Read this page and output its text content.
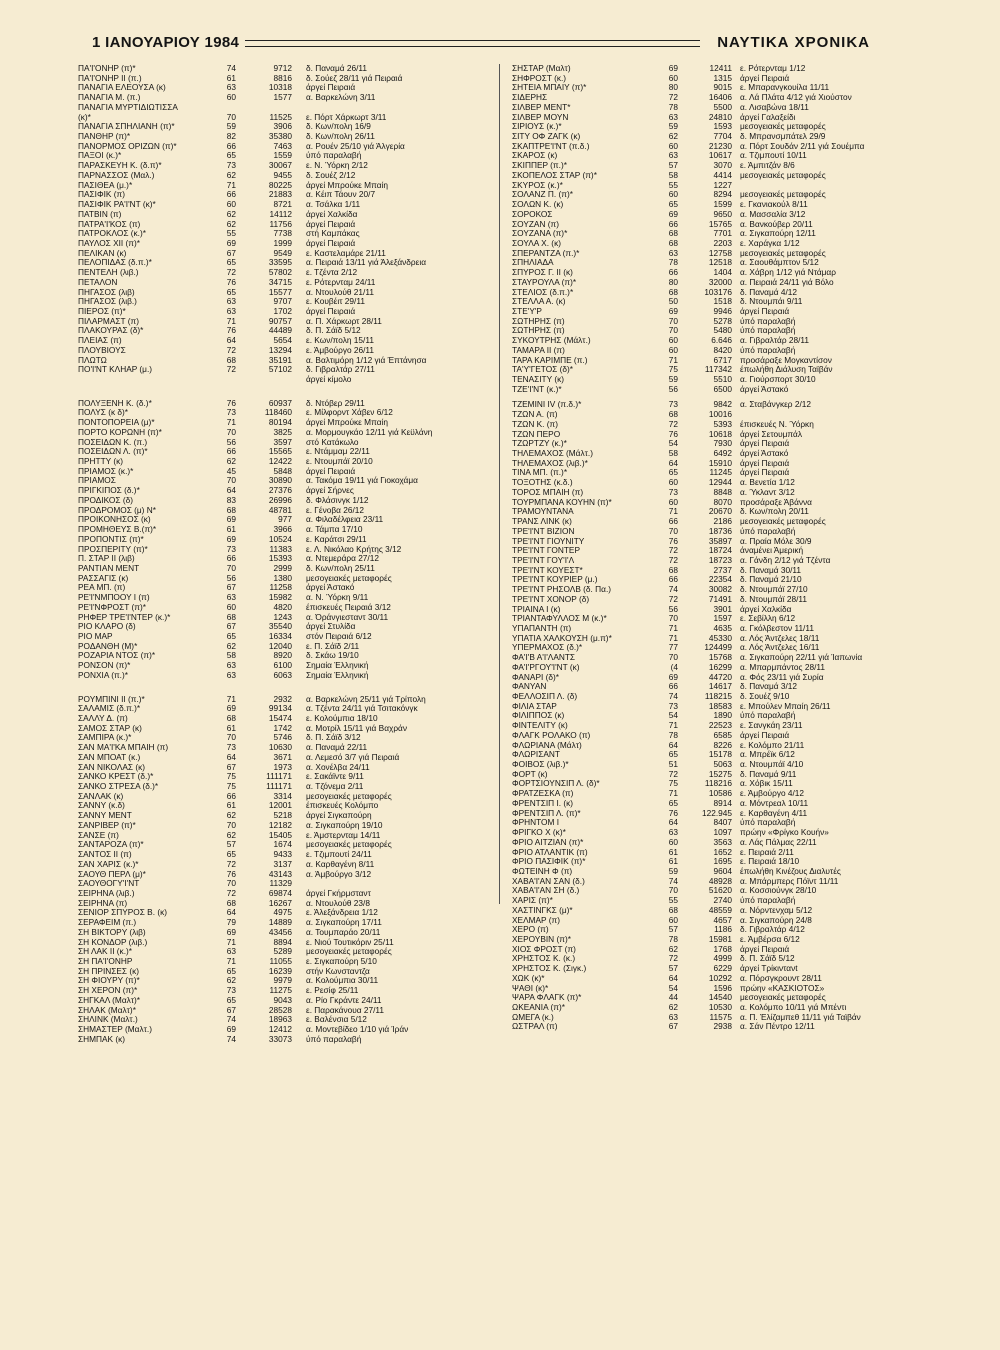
1 ΙΑΝΟΥΑΡΙΟΥ 1984	ΝΑΥΤΙΚΑ ΧΡΟΝΙΚΑ
ΠΑ'Ι'ΟΝΗΡ (π)*	74	9712 δ. Παναμά 26/11
ΠΑ'Ι'ΟΝΗΡ II (π.)	61	8816 δ. Σούεζ 28/11 γιά Πειραιά
ΠΑΝΑΓΙΑ ΕΛΕΟΥΣΑ (κ)	63	10318 άργεί Πειραιά
ΠΑΝΑΓΙΑ Μ. (π.)	60	1577 α. Βαρκελώνη 3/11
ΠΑΝΑΓΙΑ ΜΥΡΤΙΔΙΩΤΙΣΣΑ
(κ)*	70	11525 ε. Πόρτ Χάρκωρτ 3/11
ΠΑΝΑΓΙΑ ΣΠΗΛΙΑΝΗ (π)*	59	3906 δ. Κων/πολη 16/9
ΠΑΝΘΗΡ (π)*	82	35380 δ. Κων/πολη 26/11
ΠΑΝΟΡΜΟΣ ΟΡΙΖΩΝ (π)*	66	7463 α. Ρουέν 25/10 γιά Άλγερία
ΠΑΞΟΙ (κ.)*	65	1559 ύπό παραλαβή
ΠΑΡΑΣΚΕΥΗ Κ. (δ.π)*	73	30067 ε. Ν. Ύόρκη 2/12
ΠΑΡΝΑΣΣΟΣ (Μαλ.)	62	9455 δ. Σουέζ 2/12
ΠΑΣΙΘΕΑ (μ.)*	71	80225 άργεί Μπρούκε Μπαίη
ΠΑΣΙΦΙΚ (π)	66	21883 α. Κέιπ Τάουν 20/7
ΠΑΣΙΦΙΚ ΡΑ'Ι'ΝΤ (κ)*	60	8721 α. Τσάλκα 1/11
ΠΑΤΒΙΝ (π)	62	14112 άργεί Χαλκίδα
ΠΑΤΡΑ'Ι'ΚΟΣ (π)	62	11756 άργεί Πειραιά
ΠΑΤΡΟΚΛΟΣ (κ.)*	55	7738 στή Καμπάκας
ΠΑΥΛΟΣ XII (π)*	69	1999 άργεί Πειραιά
ΠΕΛΙΚΑΝ (κ)	67	9549 ε. Καστελαμάρε 21/11
ΠΕΛΟΠΙΔΑΣ (δ.π.)*	65	33595 α. Πειραιά 13/11 γιά Άλεξάνδρεια
ΠΕΝΤΕΛΗ (λιβ.)	72	57802 ε. Τζέντα 2/12
ΠΕΤΑΛΟΝ	76	34715 ε. Ρότερνταμ 24/11
ΠΗΓΑΣΟΣ (λιβ)	65	15577 α. Ντουλούθ 21/11
ΠΗΓΑΣΟΣ (λιβ.)	63	9707 ε. Κουβέιτ 29/11
ΠΙΕΡΟΣ (π)*	63	1702 άργεί Πειραιά
ΠΙΛΑΡΜΑΣΤ (π)	71	90757 α. Π. Χάρκωρτ 28/11
ΠΛΑΚΟΥΡΑΣ (δ)*	76	44489 δ. Π. Σάϊδ 5/12
ΠΛΕΙΑΣ (π)	64	5654 ε. Κων/πολη 15/11
ΠΛΟΥΒΙΟΥΣ	72	13294 ε. Άμβούργο 26/11
ΠΛΩΤΩ	68	35191 α. Βαλτιμόρη 1/12 γιά Έπτάνησα
ΠΟ'Ι'ΝΤ ΚΛΗΑΡ (μ.)	72	57102 δ. Γιβραλτάρ 27/11
άργεί κίμολο
ΠΟΛΥΞΕΝΗ Κ. (δ.)*	76	60937 δ. Ντόβερ 29/11
ΠΟΛΥΣ (κ δ)*	73	118460 ε. Μίλφορντ Χάβεν 6/12
ΠΟΝΤΟΠΟΡΕΙΑ (μ)*	71	80194 άργεί Μπρούκε Μπαίη
ΠΟΡΤΟ ΚΟΡΩΝΗ (π)*	70	3825 α. Μορμουγκάο 12/11 γιά Κεϋλάνη
ΠΟΣΕΙΔΩΝ Κ. (π.)	56	3597 στό Κατάκωλο
ΠΟΣΕΙΔΩΝ Λ. (π)*	66	15565 ε. Ντάμμαμ 22/11
ΠΡΗΤΤΥ (κ)	62	12422 ε. Ντουμπάϊ 20/10
ΠΡΙΑΜΟΣ (κ.)*	45	5848 άργεί Πειραιά
ΠΡΙΑΜΟΣ	70	30890 α. Τακόμα 19/11 γιά Γιοκοχάμα
ΠΡΙΓΚΙΠΟΣ (δ.)*	64	27376 άργεί Σήρνες
ΠΡΟΔΙΚΟΣ (δ)	83	26996 δ. Φλάσινγκ 1/12
ΠΡΟΔΡΟΜΟΣ (μ) Ν*	68	48781 ε. Γένοβα 26/12
ΠΡΟΙΚΟΝΗΣΟΣ (κ)	69	977 α. Φιλαδέλφεια 23/11
ΠΡΟΜΗΘΕΥΣ Β.(π)*	61	3966 α. Τάμπα 17/10
ΠΡΟΠΟΝΤΙΣ (π)*	69	10524 ε. Καράτσι 29/11
ΠΡΟΣΠΕΡΙΤΥ (π)*	73	11383 ε. Λ. Νικόλαο Κρήτης 3/12
Π. ΣΤΑΡ II (λιβ)	66	15393 α. Ντεμεράρα 27/12
ΡΑΝΤΙΑΝ ΜΕΝΤ	70	2999 δ. Κων/πολη 25/11
ΡΑΣΣΑΓΙΣ (κ)	56	1380 μεσογειακές μεταφορές
ΡΕΑ ΜΠ. (π)	67	11258 άργεί Άστακό
ΡΕ'Ι'ΝΜΠΟΟΥ Ι (π)	63	15982 α. Ν. Ύόρκη 9/11
ΡΕ'Ι'ΝΦΡΟΣΤ (π)*	60	4820 έπισκευές Πειραιά 3/12
ΡΗΦΕΡ ΤΡΕ'Ι'ΝΤΕΡ (κ.)*	68	1243 α. Όράνγιεσταντ 30/11
ΡΙΟ ΚΛΑΡΟ (δ)	67	35540 άργεί Στυλίδα
ΡΙΟ ΜΑΡ	65	16334 στόν Πειραιά 6/12
ΡΟΔΑΝΘΗ (Μ)*	62	12040 ε. Π. Σάϊδ 2/11
ΡΟΖΑΡΙΑ ΝΤΟΣ (π)*	58	8920 δ. Σκάω 19/10
ΡΟΝΣΟΝ (π)*	63	6100 Σημαία Έλληνική
ΡΟΝΧΙΑ (π.)*	63	6063 Σημαία Έλληνική
ΡΟΥΜΠΙΝΙ ΙΙ (π.)*	71	2932 α. Βαρκελώνη 25/11 γιά Τρίπολη
ΣΑΛΑΜΙΣ (δ.π.)*	69	99134 α. Τζέντα 24/11 γιά Τσιτακόνγκ
ΣΑΛΛΥ Δ. (π)	68	15474 ε. Κολούμπια 18/10
ΣΑΜΟΣ ΣΤΑΡ (κ)	61	1742 α. Μοτρίλ 15/11 γιά Βαχράν
ΣΑΜΠΙΡΑ (κ.)*	70	5746 δ. Π. Σάϊδ 3/12
ΣΑΝ ΜΑ'Ι'ΚΑ ΜΠΑΙΗ (π)	73	10630 α. Παναμά 22/11
ΣΑΝ ΜΠΟΑΤ (κ.)	64	3671 α. Λεμεσό 3/7 γιά Πειραιά
ΣΑΝ ΝΙΚΟΛΑΣ (κ)	67	1973 α. Χονέλβα 24/11
ΣΑΝΚΟ ΚΡΕΣΤ (δ.)*	75	111171 ε. Σακάϊντε 9/11
ΣΑΝΚΟ ΣΤΡΕΣΑ (δ.)*	75	111171 α. Τζόνεμα 2/11
ΣΑΝΛΑΚ (κ)	66	3314 μεσογειακές μεταφορές
ΣΑΝΝΥ (κ.δ)	61	12001 έπισκευές Κολόμπο
ΣΑΝΝΥ ΜΕΝΤ	62	5218 άργεί Σιγκαπούρη
ΣΑΝΡΙΒΕΡ (π)*	70	12182 α. Σιγκαπούρη 19/10
ΣΑΝΣΕ (π)	62	15405 ε. Άμστερνταμ 14/11
ΣΑΝΤΑΡΟΖΑ (π)*	57	1674 μεσογειακές μεταφορές
ΣΑΝΤΟΣ ΙΙ (π)	65	9433 ε. Τζιμπουτί 24/11
ΣΑΝ ΧΑΡΙΣ (κ.)*	72	3137 α. Καρθαγένη 8/11
ΣΑΟΥΘ ΠΕΡΛ (μ)*	76	43143 α. Άμβούργο 3/12
ΣΑΟΥΘΟΓΥ'Ι'ΝΤ	70	11329
ΣΕΙΡΗΝΑ (λιβ.)	72	69874 άργεί Γκήρμσταντ
ΣΕΙΡΗΝΑ (π)	68	16267 α. Ντουλούθ 23/8
ΣΕΝΙΟΡ ΣΠΥΡΟΣ Β. (κ)	64	4975 ε. Άλεξάνδρεια 1/12
ΣΕΡΑΦΕΙΜ (π.)	79	14889 α. Σιγκαπούρη 17/11
ΣΗ ΒΙΚΤΟΡΥ (λιβ)	69	43456 α. Τουμπαράο 20/11
ΣΗ ΚΟΝΔΟΡ (λιβ.)	71	8894 ε. Νιού Τουτικόριν 25/11
ΣΗ ΛΑΚ ΙΙ (κ.)*	63	5289 μεσογειακές μεταφορές
ΣΗ ΠΑ'Ι'ΟΝΗΡ	71	11055 ε. Σιγκαπούρη 5/10
ΣΗ ΠΡΙΝΣΕΣ (κ)	65	16239 στήν Κωνσταντζα
ΣΗ ΦΙΟΥΡΥ (π)*	62	9979 α. Κολούμπια 30/11
ΣΗ ΧΕΡΟΝ (π)*	73	11275 ε. Ρεσίφ 25/11
ΣΗΓΚΑΛ (Μαλτ)*	65	9043 α. Ρίο Γκράντε 24/11
ΣΗΛΑΚ (Μαλτ)*	67	28528 ε. Παρακάνουα 27/11
ΣΗΛΙΝΚ (Μαλτ.)	74	18963 ε. Βαλένσια 5/12
ΣΗΜΑΣΤΕΡ (Μαλτ.)	69	12412 α. Μοντεβίδεο 1/10 γιά Ίράν
ΣΗΜΠΑΚ (κ)	74	33073 ύπό παραλαβή
ΣΗΣΤΑΡ (Μαλτ)	69	12411 ε. Ρότερνταμ 1/12
ΣΗΦΡΟΣΤ (κ.)	60	1315 άργεί Πειραιά
ΣΗΤΕΙΑ ΜΠΑΙΥ (π)*	80	9015 ε. Μπαρανγκουίλα 11/11
ΣΙΔΕΡΗΣ	72	16406 α. Λά Πλάτα 4/12 γιά Χιούστον
ΣΙΛΒΕΡ ΜΕΝΤ*	78	5500 α. Λισαβώνα 18/11
ΣΙΛΒΕΡ ΜΟΥΝ	63	24810 άργεί Γαλαξείδι
ΣΙΡΙΟΥΣ (κ.)*	59	1593 μεσογειακές μεταφορές
ΣΙΤΥ ΟΦ ΖΑΓΚ (κ)	62	7704 δ. Μπρανσμπάτελ 29/9
ΣΚΑΠΤΡΕ'Ι'ΝΤ (π.δ.)	60	21230 α. Πόρτ Σουδάν 2/11 γιά Σουέμπα
ΣΚΑΡΟΣ (κ)	63	10617 α. Τζιμπουτί 10/11
ΣΚΙΠΠΕΡ (π.)*	57	3070 ε. Άμπιτζάν 8/6
ΣΚΟΠΕΛΟΣ ΣΤΑΡ (π)*	58	4414 μεσογειακές μεταφορές
ΣΚΥΡΟΣ (κ.)*	55	1227
ΣΟΛΑΝΖ Π. (π)*	60	8294 μεσογειακές μεταφορές
ΣΟΛΩΝ Κ. (κ)	65	1599 ε. Γκανιακούλ 8/11
ΣΟΡΟΚΟΣ	69	9650 α. Μασσαλία 3/12
ΣΟΥΖΑΝ (π)	66	15765 α. Βανκούβερ 20/11
ΣΟΥΖΑΝΑ (π)*	68	7701 α. Σιγκαπούρη 12/11
ΣΟΥΛΑ Χ. (κ)	68	2203 ε. Χαράγκα 1/12
ΣΠΕΡΑΝΤΖΑ (π.)*	63	12758 μεσογειακές μεταφορές
ΣΠΗΛΙΑΔΑ	78	12518 α. Σαουθάμπτον 5/12
ΣΠΥΡΟΣ Γ. ΙΙ (κ)	66	1404 α. Χάβρη 1/12 γιά Ντάμαρ
ΣΤΑΥΡΟΥΛΑ (π)*	80	32000 α. Πειραιά 24/11 γιά Βόλο
ΣΤΕΛΙΟΣ (δ.π.)*	68	103176 δ. Παναμά 4/12
ΣΤΕΛΛΑ Α. (κ)	50	1518 δ. Ντουμπάι 9/11
ΣΤΕ'Υ'Ρ	69	9946 άργεί Πειραιά
ΣΩΤΗΡΗΣ (π)	70	5278 ύπό παραλαβή
ΣΩΤΗΡΗΣ (π)	70	5480 ύπό παραλαβή
ΣΥΚΟΥΤΡΗΣ (Μάλτ.)	60	6.646 α. Γιβραλτάρ 28/11
ΤΑΜΑΡΑ ΙΙ (π)	60	8420 ύπό παραλαβή
ΤΑΡΑ ΚΑΡΙΜΠΕ (π.)	71	6717 προσάραξε Μογκαντίσον
ΤΑ'Υ'ΓΕΤΟΣ (δ)*	75	117342 έπωλήθη Διάλυση Ταϊβάν
ΤΕΝΑΣΙΤΥ (κ)	59	5510 α. Γιούρσπορτ 30/10
ΤΖΕ'Ι'ΝΤ (κ.)*	56	6500 άργεί Άστακό
ΤΖΕΜΙΝΙ IV (π.δ.)*	73	9842 α. Σταβάνγκερ 2/12
ΤΖΩΝ Α. (π)	68	10016
ΤΖΩΝ Κ. (π)	72	5393 έπισκευές Ν. Ύόρκη
ΤΖΩΝ ΠΕΡΟ	76	10618 άργεί Σετουμπάλ
ΤΖΩΡΤΖΥ (κ.)*	54	7930 άργεί Πειραιά
ΤΗΛΕΜΑΧΟΣ (Μάλτ.)	58	6492 άργεί Άστακό
ΤΗΛΕΜΑΧΟΣ (λιβ.)*	64	15910 άργεί Πειραιά
ΤΙΝΑ ΜΠ. (π.)*	65	11245 άργεί Πειραιά
ΤΟΞΟΤΗΣ (κ.δ.)	60	12944 α. Βενετία 1/12
ΤΟΡΟΣ ΜΠΑΙΗ (π)	73	8848 α. Ύκλαντ 3/12
ΤΟΥΡΜΠΑΝΑ ΚΟΥΗΝ (π)*	60	8070 προσάραξε Άβάννα
ΤΡΑΜΟΥΝΤΑΝΑ	71	20670 δ. Κων/πολη 20/11
ΤΡΑΝΣ ΛΙΝΚ (κ)	66	2186 μεσογειακές μεταφορές
ΤΡΕ'Ι'ΝΤ ΒΙΖΙΟΝ	70	18736 ύπό παραλαβή
ΤΡΕ'Ι'ΝΤ ΓΙΟΥΝΙΤΥ	76	35897 α. Πραία Μόλε 30/9
ΤΡΕ'Ι'ΝΤ ΓΟΝΤΕΡ	72	18724 άναμένει Άμερική
ΤΡΕ'Ι'ΝΤ ΓΟΥ'Ι'Λ	72	18723 α. Γάνδη 2/12 γιά Τζέντα
ΤΡΕ'Ι'ΝΤ ΚΟΥΕΣΤ*	68	2737 δ. Παναμά 30/11
ΤΡΕ'Ι'ΝΤ ΚΟΥΡΙΕΡ (μ.)	66	22354 δ. Παναμά 21/10
ΤΡΕ'Ι'ΝΤ ΡΗΣΟΛΒ (δ. Πα.)	74	30082 δ. Ντουμπάϊ 27/10
ΤΡΕ'Ι'ΝΤ ΧΟΝΟΡ (δ)	72	71491 δ. Ντουμπάϊ 28/11
ΤΡΙΑΙΝΑ Ι (κ)	56	3901 άργεί Χαλκίδα
ΤΡΙΑΝΤΑΦΥΛΛΟΣ Μ (κ.)*	70	1597 ε. Σεβίλλη 6/12
ΥΠΑΠΑΝΤΗ (π)	71	4635 α. Γκόλβεστον 11/11
ΥΠΑΤΙΑ ΧΑΛΚΟΥΣΗ (μ.π)*	71	45330 α. Λός Άντζελες 18/11
ΥΠΕΡΜΑΧΟΣ (δ.)*	77	124499 α. Λός Άντζελες 16/11
ΦΑ'Ι'Β Α'Ι'ΛΑΝΤΣ	70	15768 α. Σιγκαπούρη 22/11 γιά Ίαπωνία
ΦΑ'Ι'ΡΓΟΥ'Ι'ΝΤ (κ)	(4	16299 α. Μπαρμπάντος 28/11
ΦΑΝΑΡΙ (δ)*	69	44720 α. Φός 23/11 γιά Συρία
ΦΑΝΥΑΝ	66	14617 δ. Παναμά 3/12
ΦΕΛΛΟΣΙΠ Λ. (δ)	74	118215 δ. Σουέζ 9/10
ΦΙΛΙΑ ΣΤΑΡ	73	18583 ε. Μπούλεν Μπαίη 26/11
ΦΙΛΙΠΠΟΣ (κ)	54	1890 ύπό παραλαβή
ΦΙΝΤΕΛΙΤΥ (κ)	71	22523 ε. Σανγκάη 23/11
ΦΛΑΓΚ ΡΟΛΑΚΟ (π)	78	6585 άργεί Πειραιά
ΦΛΩΡΙΑΝΑ (Μάλτ)	64	8226 ε. Κολόμπο 21/11
ΦΛΩΡΙΣΑΝΤ	65	15178 α. Μπρέϊκ 6/12
ΦΟΙΒΟΣ (λιβ.)*	51	5063 α. Ντουμπάϊ 4/10
ΦΟΡΤ (κ)	72	15275 δ. Παναμά 9/11
ΦΟΡΤΣΙΟΥΝΣΙΠ Λ. (δ)*	75	118216 α. Χόβικ 15/11
ΦΡΑΤΖΕΣΚΑ (π)	71	10586 ε. Άμβούργο 4/12
ΦΡΕΝΤΣΙΠ Ι. (κ)	65	8914 α. Μόντρεαλ 10/11
ΦΡΕΝΤΣΙΠ Λ. (π)*	76	122.945 ε. Καρθαγένη 4/11
ΦΡΗΝΤΟΜ Ι	64	8407 ύπό παραλαβή
ΦΡΙΓΚΟ Χ (κ)*	63	1097 πρώην «Φρίγκο Κουήν»
ΦΡΙΟ ΑΙΤΖΙΑΝ (π)*	60	3563 α. Λάς Πάλμας 22/11
ΦΡΙΟ ΑΤΛΑΝΤΙΚ (π)	61	1652 ε. Πειραιά 2/11
ΦΡΙΟ ΠΑΣΙΦΙΚ (π)*	61	1695 ε. Πειραιά 18/10
ΦΩΤΕΙΝΗ Φ (π)	59	9604 έπωλήθη Κινέζους Διαλυτές
ΧΑΒΑ'Ι'ΑΝ ΣΑΝ (δ.)	74	48928 α. Μπάρμπερς Πόϊντ 11/11
ΧΑΒΑ'Ι'ΑΝ ΣΗ (δ.)	70	51620 α. Κοσσιούνγκ 28/10
ΧΑΡΙΣ (π)*	55	2740 ύπό παραλαβή
ΧΑΣΤΙΝΓΚΣ (μ)*	68	48559 α. Νόρντενχαμ 5/12
ΧΕΛΜΑΡ (π)	60	4657 α. Σιγκαπούρη 24/8
ΧΕΡΟ (π)	57	1186 δ. Γιβραλτάρ 4/12
ΧΕΡΟΥΒΙΝ (π)*	78	15981 ε. Άμβέρσα 6/12
ΧΙΟΣ ΦΡΟΣΤ (π)	62	1768 άργεί Πειραιά
ΧΡΗΣΤΟΣ Κ. (κ.)	72	4999 δ. Π. Σάϊδ 5/12
ΧΡΗΣΤΟΣ Κ. (Σιγκ.)	57	6229 άργεί Τρίκιντανt
ΧΩΚ (κ)*	64	10292 α. Πόρσγκρουντ 28/11
ΨΑΘΙ (κ)*	54	1596 πρώην «ΚΑΣΚΙΟΤΟΣ»
ΨΑΡΑ ΦΛΑΓΚ (π)*	44	14540 μεσογειακές μεταφορές
ΩΚΕΑΝΙΑ (π)*	62	10530 α. Κολόμπο 10/11 γιά Μπέντι
ΩΜΕΓΑ (κ.)	63	11575 α. Π. Έλίζαμπεθ 11/11 γιά Ταϊβάν
ΩΣΤΡΑΛ (π)	67	2938 α. Σάν Πέντρο 12/11
